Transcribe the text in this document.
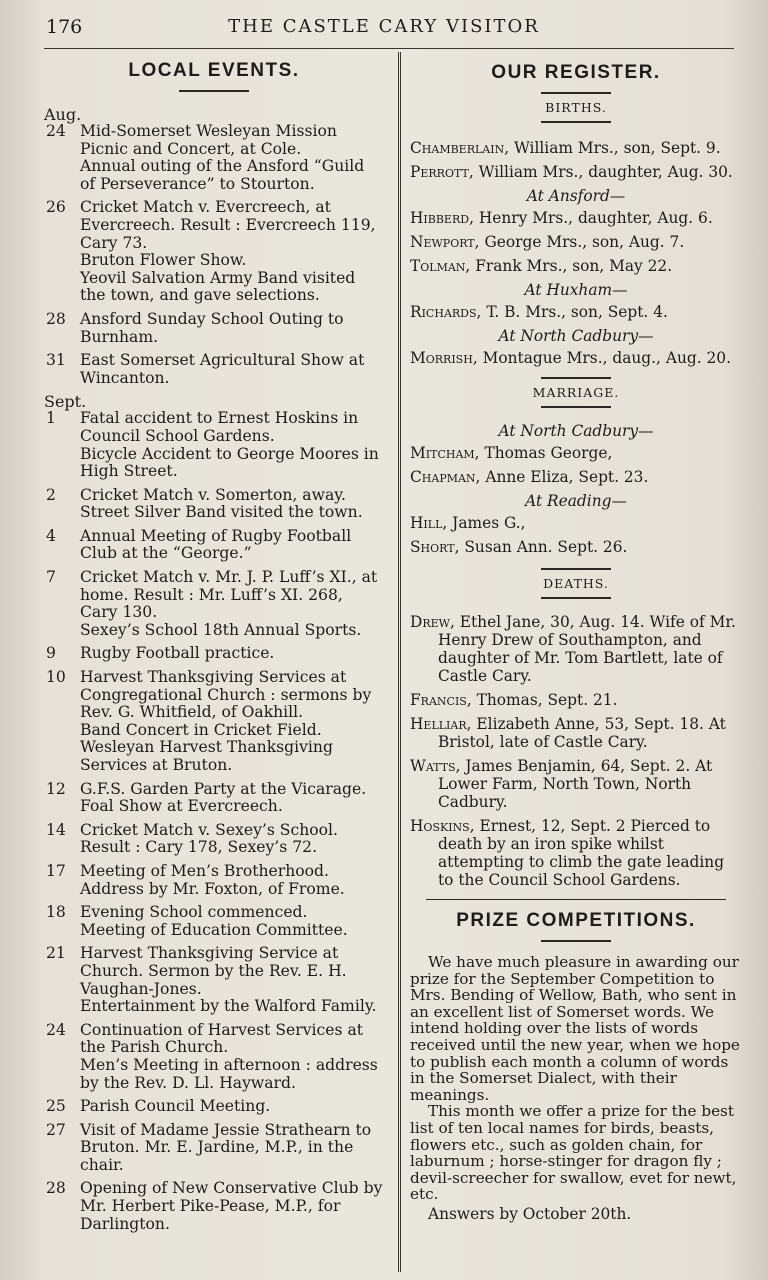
176	THE CASTLE CARY VISITOR
LOCAL EVENTS.

Aug.

24 Mid-Somerset Wesleyan Mission Picnic and Concert, at Cole.

Annual outing of the Ansford “Guild of Perseverance” to Stourton.

26 Cricket Match v. Evercreech, at Evercreech. Result : Evercreech 119, Cary 73.

Bruton Flower Show.

Yeovil Salvation Army Band visited the town, and gave selections.

28 Ansford Sunday School Outing to Burnham.

31 East Somerset Agricultural Show at Wincanton.

Sept.

1	Fatal accident to Ernest Hoskins in Council School Gardens.

Bicycle Accident to George Moores in High Street.

2	Cricket Match v. Somerton, away.

Street Silver Band visited the town.

4	Annual Meeting of Rugby Football Club at the “George.”

7	Cricket Match v. Mr. J. P. Luff’s XI., at home. Result : Mr. Luff’s XI. 268, Cary 130.

Sexey’s School 18th Annual Sports.

9	Rugby Football practice.

10 Harvest Thanksgiving Services at Congregational Church : sermons by Rev. G. Whitfield, of Oakhill.

Band Concert in Cricket Field.

Wesleyan Harvest Thanksgiving Services at Bruton.

12 G.F.S. Garden Party at the Vicarage.

Foal Show at Evercreech.

14 Cricket Match v. Sexey’s School. Result : Cary 178, Sexey’s 72.

17 Meeting of Men’s Brotherhood. Address by Mr. Foxton, of Frome.

18 Evening School commenced.

Meeting of Education Committee.

21 Harvest Thanksgiving Service at Church. Sermon by the Rev. E. H. Vaughan-Jones.

Entertainment by the Walford Family.

24 Continuation of Harvest Services at the Parish Church.

Men’s Meeting in afternoon : address by the Rev. D. Ll. Hayward.

25 Parish Council Meeting.

27 Visit of Madame Jessie Strathearn to Bruton. Mr. E. Jardine, M.P., in the chair.

28 Opening of New Conservative Club by Mr. Herbert Pike-Pease, M.P., for Darlington.

OUR REGISTER.
BIRTHS.

Chamberlain, William Mrs., son, Sept. 9.

Perrott, William Mrs., daughter, Aug. 30.

At Ansford—

Hibberd, Henry Mrs., daughter, Aug. 6.

Newport, George Mrs., son, Aug. 7.

Tolman, Frank Mrs., son, May 22.

At Huxham—

Richards, T. B. Mrs., son, Sept. 4.

At North Cadbury—

Morrish, Montague Mrs., daug., Aug. 20.

MARRIAGE.

At North Cadbury—

Mitcham, Thomas George,

Chapman, Anne Eliza, Sept. 23.

At Reading—

Hill, James G.,

Short, Susan Ann. Sept. 26.

DEATHS.

Drew, Ethel Jane, 30, Aug. 14. Wife of Mr. Henry Drew of Southampton, and daughter of Mr. Tom Bartlett, late of Castle Cary.

Francis, Thomas, Sept. 21.

Helliar, Elizabeth Anne, 53, Sept. 18. At Bristol, late of Castle Cary.

Watts, James Benjamin, 64, Sept. 2. At Lower Farm, North Town, North Cadbury.

Hoskins, Ernest, 12, Sept. 2 Pierced to death by an iron spike whilst attempting to climb the gate leading to the Council School Gardens.

PRIZE COMPETITIONS.

We have much pleasure in awarding our prize for the September Competition to Mrs. Bending of Wellow, Bath, who sent in an excellent list of Somerset words. We intend holding over the lists of words received until the new year, when we hope to publish each month a column of words in the Somerset Dialect, with their meanings.

This month we offer a prize for the best list of ten local names for birds, beasts, flowers etc., such as golden chain, for laburnum ; horse-stinger for dragon fly ; devil-screecher for swallow, evet for newt, etc.

Answers by October 20th.
